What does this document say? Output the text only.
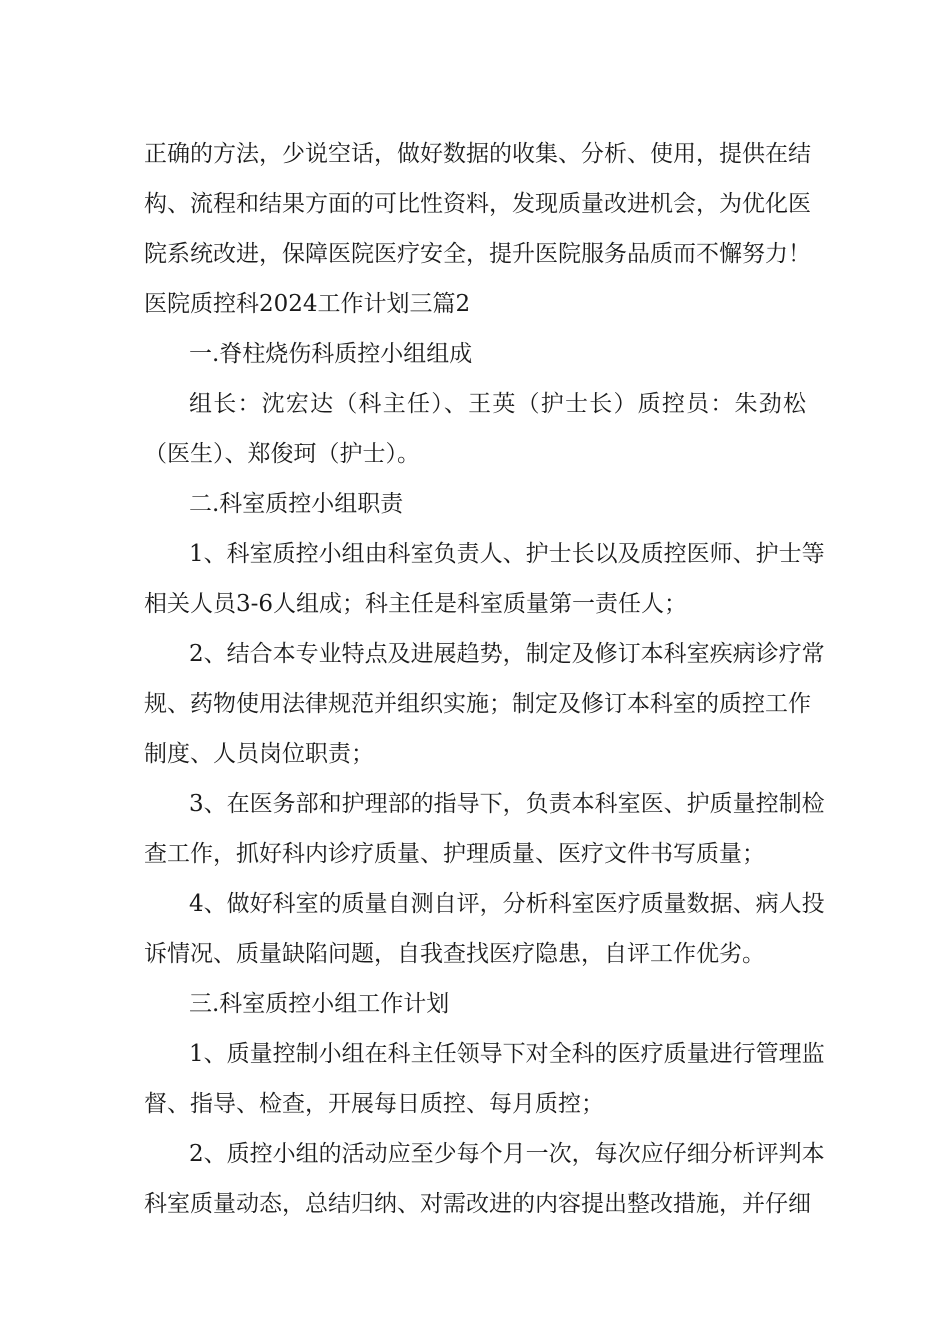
正确的方法，少说空话，做好数据的收集、分析、使用，提供在结
构、流程和结果方面的可比性资料，发现质量改进机会，为优化医
院系统改进，保障医院医疗安全，提升医院服务品质而不懈努力！
医院质控科2024工作计划三篇2
一.脊柱烧伤科质控小组组成
组长：沈宏达（科主任）、王英（护士长）质控员：朱劲松
（医生）、郑俊珂（护士）。
二.科室质控小组职责
1、科室质控小组由科室负责人、护士长以及质控医师、护士等
相关人员3-6人组成；科主任是科室质量第一责任人；
2、结合本专业特点及进展趋势，制定及修订本科室疾病诊疗常
规、药物使用法律规范并组织实施；制定及修订本科室的质控工作
制度、人员岗位职责；
3、在医务部和护理部的指导下，负责本科室医、护质量控制检
查工作，抓好科内诊疗质量、护理质量、医疗文件书写质量；
4、做好科室的质量自测自评，分析科室医疗质量数据、病人投
诉情况、质量缺陷问题，自我查找医疗隐患，自评工作优劣。
三.科室质控小组工作计划
1、质量控制小组在科主任领导下对全科的医疗质量进行管理监
督、指导、检查，开展每日质控、每月质控；
2、质控小组的活动应至少每个月一次，每次应仔细分析评判本
科室质量动态，总结归纳、对需改进的内容提出整改措施，并仔细
